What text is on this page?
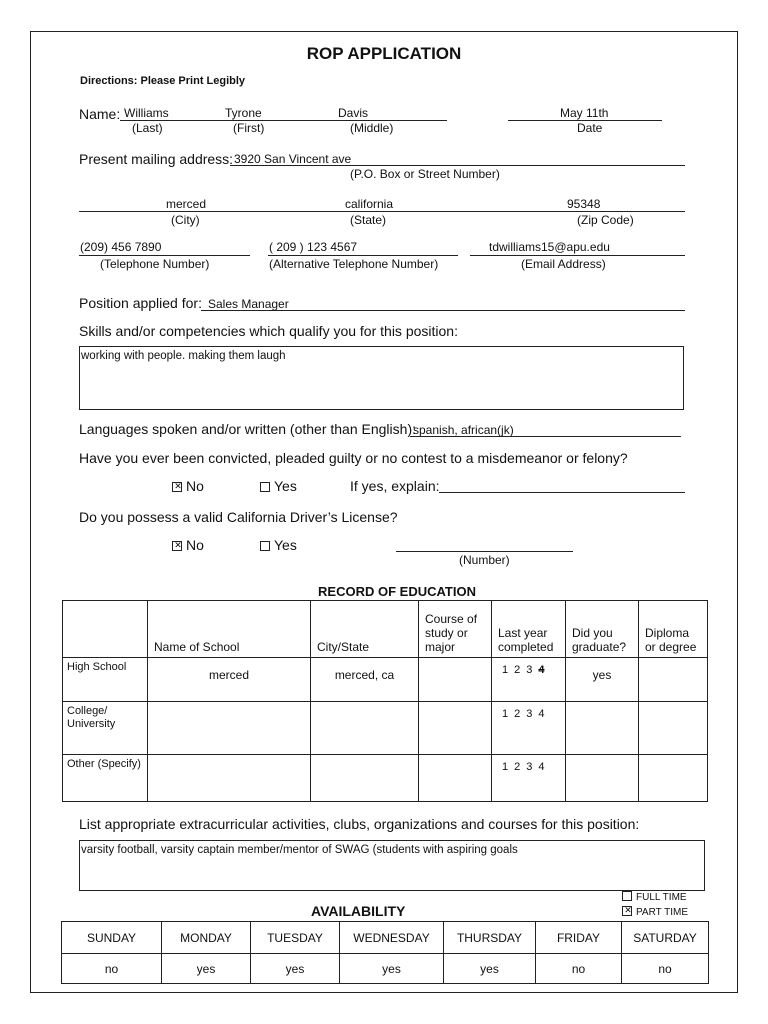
ROP APPLICATION
Directions: Please Print Legibly
Name: Williams	Tyrone	Davis
(Last)	(First)	(Middle)
May 11th
Date
Present mailing address: 3920 San Vincent ave
(P.O. Box or Street Number)
merced	california	95348
(City)	(State)	(Zip Code)
(209) 456 7890
(Telephone Number)
( 209 ) 123 4567
(Alternative Telephone Number)
tdwilliams15@apu.edu
(Email Address)
Position applied for: Sales Manager
Skills and/or competencies which qualify you for this position:
working with people. making them laugh
Languages spoken and/or written (other than English):
spanish, african(jk)
Have you ever been convicted, pleaded guilty or no contest to a misdemeanor or felony?
✕No	Yes	If yes, explain:
Do you possess a valid California Driver’s License?
✕No	Yes
(Number)
RECORD OF EDUCATION
	Name of School	City/State	Course of study or major	Last year completed	Did you graduate?	Diploma or degree
High School	merced	merced, ca		1 2 3 4	yes	
College/ University				1 2 3 4		
Other (Specify)				1 2 3 4		
List appropriate extracurricular activities, clubs, organizations and courses for this position:
varsity football, varsity captain member/mentor of SWAG (students with aspiring goals
AVAILABILITY
FULL TIME
✕PART TIME
SUNDAY	MONDAY	TUESDAY	WEDNESDAY	THURSDAY	FRIDAY	SATURDAY
no	yes	yes	yes	yes	no	no
